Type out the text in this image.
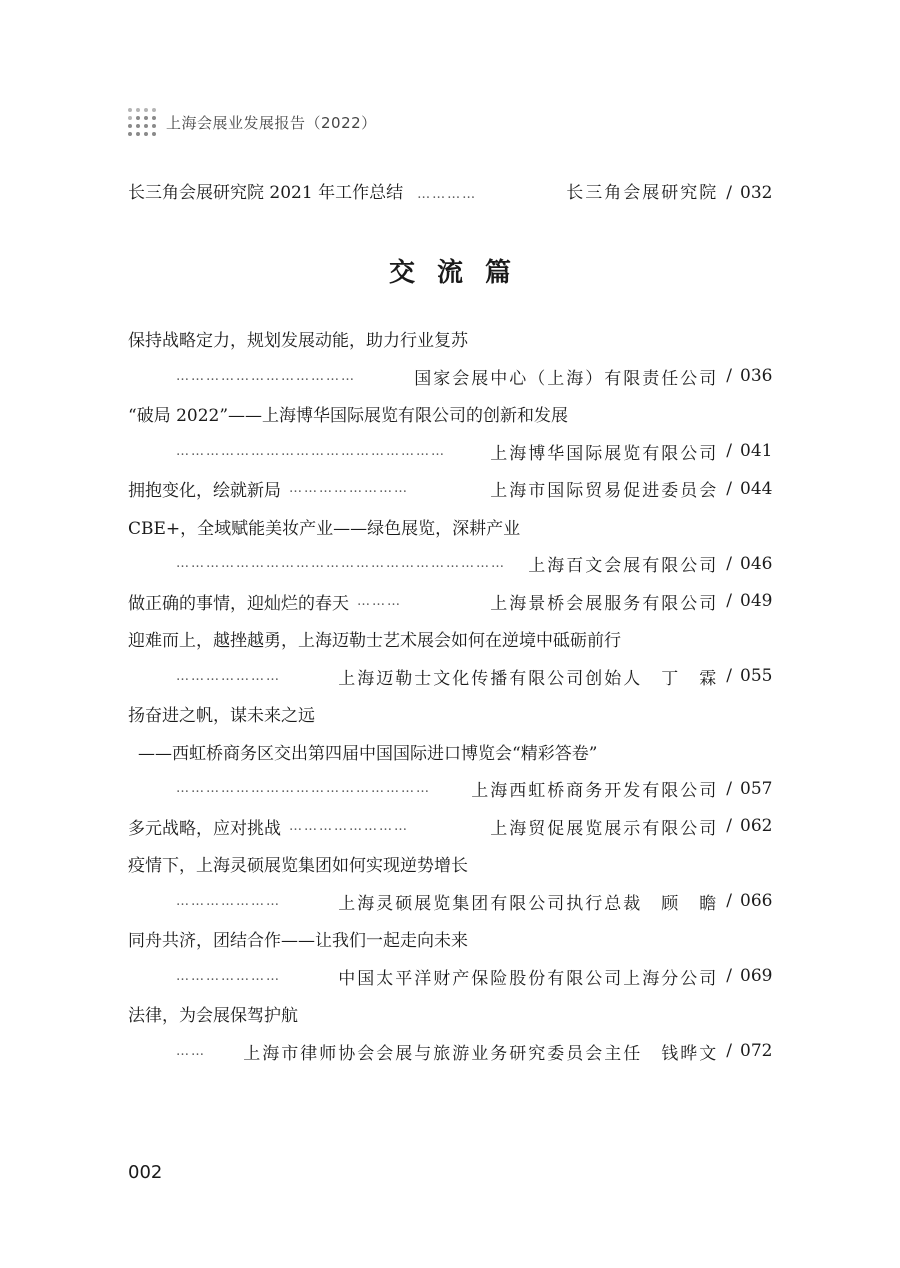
上海会展业发展报告（2022）
长三角会展研究院 2021 年工作总结 …………	长三角会展研究院 / 032
交流篇
保持战略定力，规划发展动能，助力行业复苏
………………………………	国家会展中心（上海）有限责任公司 / 036
“破局 2022”——上海博华国际展览有限公司的创新和发展
………………………………………………	上海博华国际展览有限公司 / 041
拥抱变化，绘就新局 ……………………	上海市国际贸易促进委员会 / 044
CBE+，全域赋能美妆产业——绿色展览，深耕产业
…………………………………………………………	上海百文会展有限公司 / 046
做正确的事情，迎灿烂的春天 ………	上海景桥会展服务有限公司 / 049
迎难而上，越挫越勇，上海迈勒士艺术展会如何在逆境中砥砺前行
…………………	上海迈勒士文化传播有限公司创始人　丁　霖 / 055
扬奋进之帆，谋未来之远
——西虹桥商务区交出第四届中国国际进口博览会“精彩答卷”
……………………………………………	上海西虹桥商务开发有限公司 / 057
多元战略，应对挑战 ……………………	上海贸促展览展示有限公司 / 062
疫情下，上海灵硕展览集团如何实现逆势增长
…………………	上海灵硕展览集团有限公司执行总裁　顾　瞻 / 066
同舟共济，团结合作——让我们一起走向未来
…………………	中国太平洋财产保险股份有限公司上海分公司 / 069
法律，为会展保驾护航
……	上海市律师协会会展与旅游业务研究委员会主任　钱晔文 / 072
002
